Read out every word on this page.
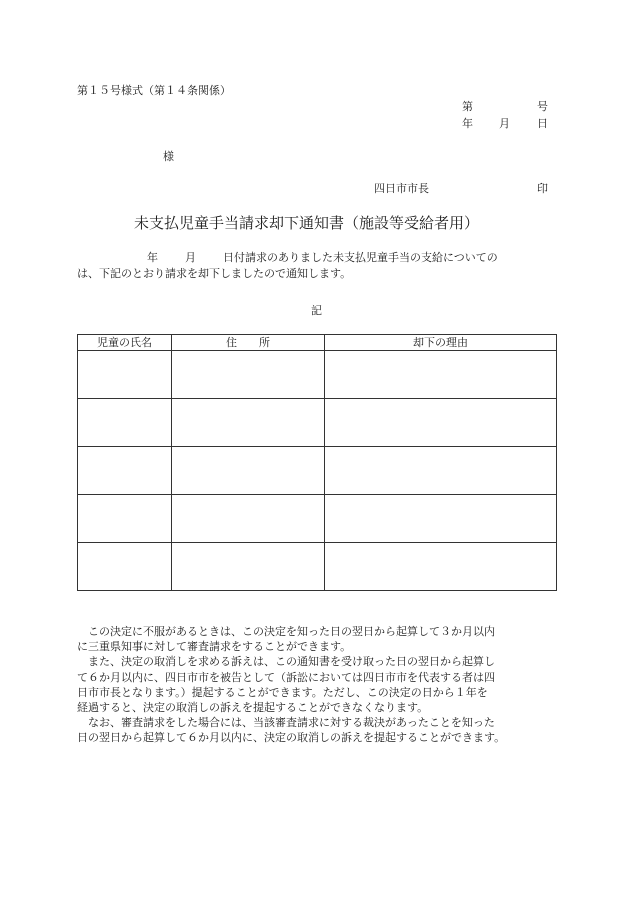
第１５号様式（第１４条関係）
第	号
年 月 日
様
四日市市長	印
未支払児童手当請求却下通知書（施設等受給者用）
年 月 日付請求のありました未支払児童手当の支給についての
は、下記のとおり請求を却下しましたので通知します。
記
児童の氏名	住　　所	却下の理由

　この決定に不服があるときは、この決定を知った日の翌日から起算して３か月以内
に三重県知事に対して審査請求をすることができます。
　また、決定の取消しを求める訴えは、この通知書を受け取った日の翌日から起算し
て６か月以内に、四日市市を被告として（訴訟においては四日市市を代表する者は四
日市市長となります。）提起することができます。ただし、この決定の日から１年を
経過すると、決定の取消しの訴えを提起することができなくなります。
　なお、審査請求をした場合には、当該審査請求に対する裁決があったことを知った
日の翌日から起算して６か月以内に、決定の取消しの訴えを提起することができます。
